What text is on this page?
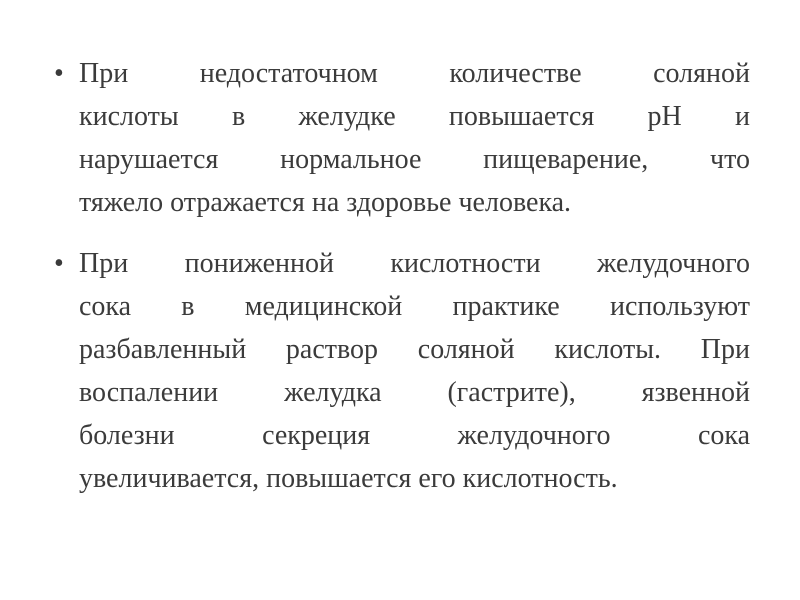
• При недостаточном количестве соляной
кислоты в желудке повышается pH и
нарушается нормальное пищеварение, что
тяжело отражается на здоровье человека.
• При пониженной кислотности желудочного
сока в медицинской практике используют
разбавленный раствор соляной кислоты. При
воспалении желудка (гастрите), язвенной
болезни секреция желудочного сока
увеличивается, повышается его кислотность.
